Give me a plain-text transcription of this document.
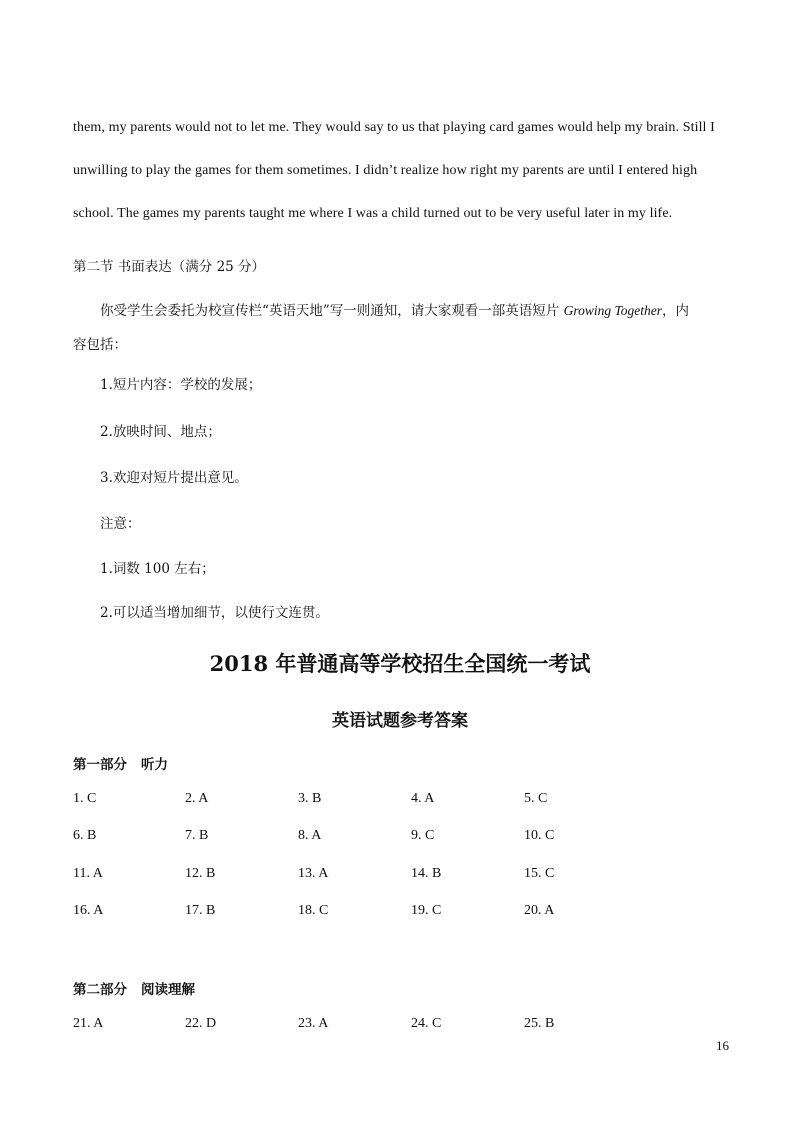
them, my parents would not to let me. They would say to us that playing card games would help my brain. Still I
unwilling to play the games for them sometimes. I didn’t realize how right my parents are until I entered high
school. The games my parents taught me where I was a child turned out to be very useful later in my life.
第二节 书面表达（满分 25 分）
你受学生会委托为校宣传栏“英语天地”写一则通知，请大家观看一部英语短片 Growing Together，内
容包括：
1.短片内容：学校的发展；
2.放映时间、地点；
3.欢迎对短片提出意见。
注意：
1.词数 100 左右；
2.可以适当增加细节，以使行文连贯。
2018 年普通高等学校招生全国统一考试
英语试题参考答案
第一部分 听力
1. C	2. A	3. B	4. A	5. C
6. B	7. B	8. A	9. C	10. C
11. A	12. B	13. A	14. B	15. C
16. A	17. B	18. C	19. C	20. A
第二部分 阅读理解
21. A	22. D	23. A	24. C	25. B
16
